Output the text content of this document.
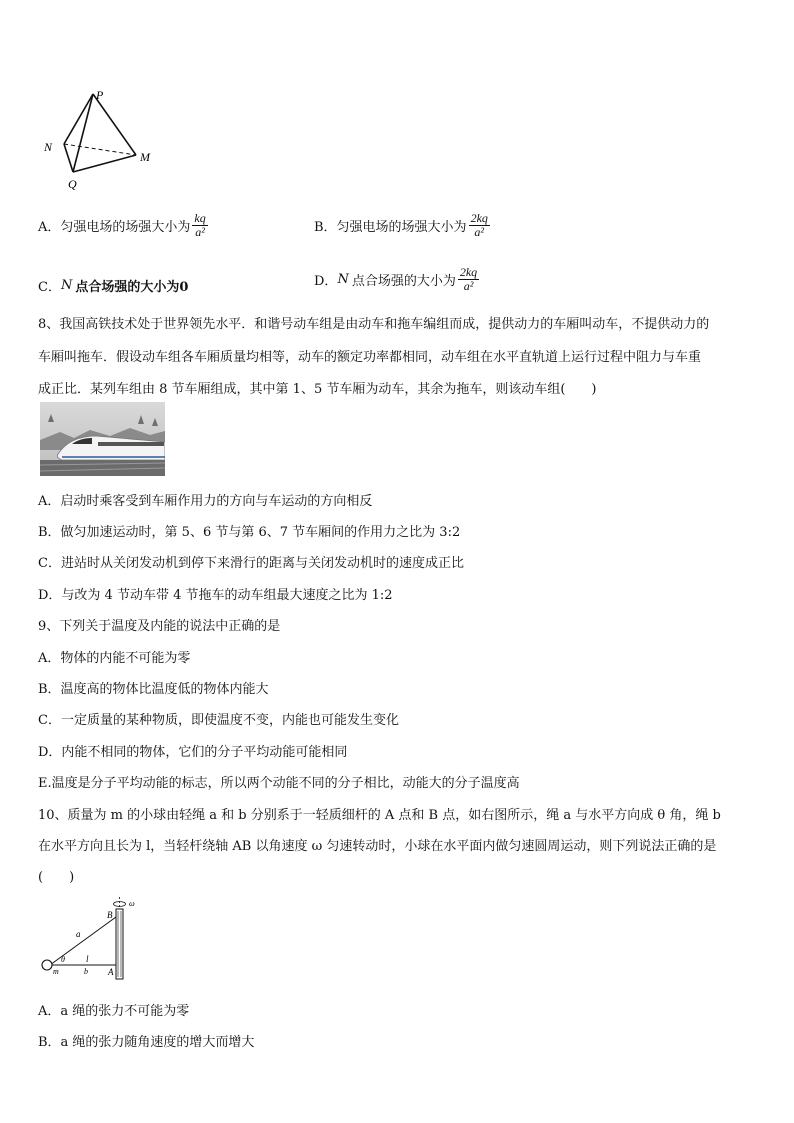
P
N
M
Q
A．匀强电场的场强大小为 $\frac{kq}{\text{a²}}$	B．匀强电场的场强大小为 $\frac{2kq}{\text{a²}}$
C． N 点合场强的大小为0	D． N 点合场强的大小为 $\frac{2kq}{\text{a²}}$
8、我国高铁技术处于世界领先水平．和谐号动车组是由动车和拖车编组而成，提供动力的车厢叫动车，不提供动力的
车厢叫拖车．假设动车组各车厢质量均相等，动车的额定功率都相同，动车组在水平直轨道上运行过程中阻力与车重
成正比．某列车组由 8 节车厢组成，其中第 1、5 节车厢为动车，其余为拖车，则该动车组(　　)
A．启动时乘客受到车厢作用力的方向与车运动的方向相反
B．做匀加速运动时，第 5、6 节与第 6、7 节车厢间的作用力之比为 3:2
C．进站时从关闭发动机到停下来滑行的距离与关闭发动机时的速度成正比
D．与改为 4 节动车带 4 节拖车的动车组最大速度之比为 1:2
9、下列关于温度及内能的说法中正确的是
A．物体的内能不可能为零
B．温度高的物体比温度低的物体内能大
C．一定质量的某种物质，即使温度不变，内能也可能发生变化
D．内能不相同的物体，它们的分子平均动能可能相同
E.温度是分子平均动能的标志，所以两个动能不同的分子相比，动能大的分子温度高
10、质量为 m 的小球由轻绳 a 和 b 分别系于一轻质细杆的 A 点和 B 点，如右图所示，绳 a 与水平方向成 θ 角，绳 b
在水平方向且长为 l，当轻杆绕轴 AB 以角速度 ω 匀速转动时，小球在水平面内做匀速圆周运动，则下列说法正确的是
(　　)
ω
B
a
θ l
m	b A
A．a 绳的张力不可能为零
B．a 绳的张力随角速度的增大而增大
